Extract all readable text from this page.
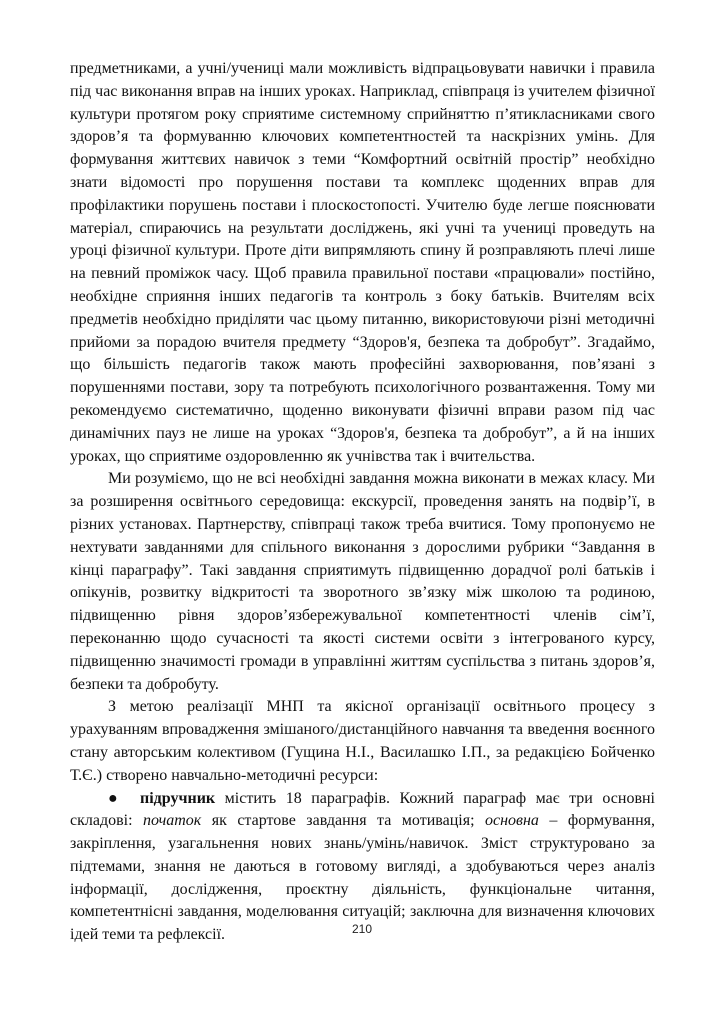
предметниками, а учні/учениці мали можливість відпрацьовувати навички і правила під час виконання вправ на інших уроках. Наприклад, співпраця із учителем фізичної культури протягом року сприятиме системному сприйняттю п’ятикласниками свого здоров’я та формуванню ключових компетентностей та наскрізних умінь. Для формування життєвих навичок з теми “Комфортний освітній простір” необхідно знати відомості про порушення постави та комплекс щоденних вправ для профілактики порушень постави і плоскостопості. Учителю буде легше пояснювати матеріал, спираючись на результати досліджень, які учні та учениці проведуть на уроці фізичної культури. Проте діти випрямляють спину й розправляють плечі лише на певний проміжок часу. Щоб правила правильної постави «працювали» постійно, необхідне сприяння інших педагогів та контроль з боку батьків. Вчителям всіх предметів необхідно приділяти час цьому питанню, використовуючи різні методичні прийоми за порадою вчителя предмету “Здоров'я, безпека та добробут”. Згадаймо, що більшість педагогів також мають професійні захворювання, пов’язані з порушеннями постави, зору та потребують психологічного розвантаження. Тому ми рекомендуємо систематично, щоденно виконувати фізичні вправи разом під час динамічних пауз не лише на уроках “Здоров'я, безпека та добробут”, а й на інших уроках, що сприятиме оздоровленню як учнівства так і вчительства.

Ми розуміємо, що не всі необхідні завдання можна виконати в межах класу. Ми за розширення освітнього середовища: екскурсії, проведення занять на подвір’ї, в різних установах. Партнерству, співпраці також треба вчитися. Тому пропонуємо не нехтувати завданнями для спільного виконання з дорослими рубрики “Завдання в кінці параграфу”. Такі завдання сприятимуть підвищенню дорадчої ролі батьків і опікунів, розвитку відкритості та зворотного зв’язку між школою та родиною, підвищенню рівня здоров’язбережувальної компетентності членів сім’ї, переконанню щодо сучасності та якості системи освіти з інтегрованого курсу, підвищенню значимості громади в управлінні життям суспільства з питань здоров’я, безпеки та добробуту.

З метою реалізації МНП та якісної організації освітнього процесу з урахуванням впровадження змішаного/дистанційного навчання та введення воєнного стану авторським колективом (Гущина Н.І., Василашко І.П., за редакцією Бойченко Т.Є.) створено навчально-методичні ресурси:

● підручник містить 18 параграфів. Кожний параграф має три основні складові: початок як стартове завдання та мотивація; основна – формування, закріплення, узагальнення нових знань/умінь/навичок. Зміст структуровано за підтемами, знання не даються в готовому вигляді, а здобуваються через аналіз інформації, дослідження, проєктну діяльність, функціональне читання, компетентнісні завдання, моделювання ситуацій; заключна для визначення ключових ідей теми та рефлексії.	210
